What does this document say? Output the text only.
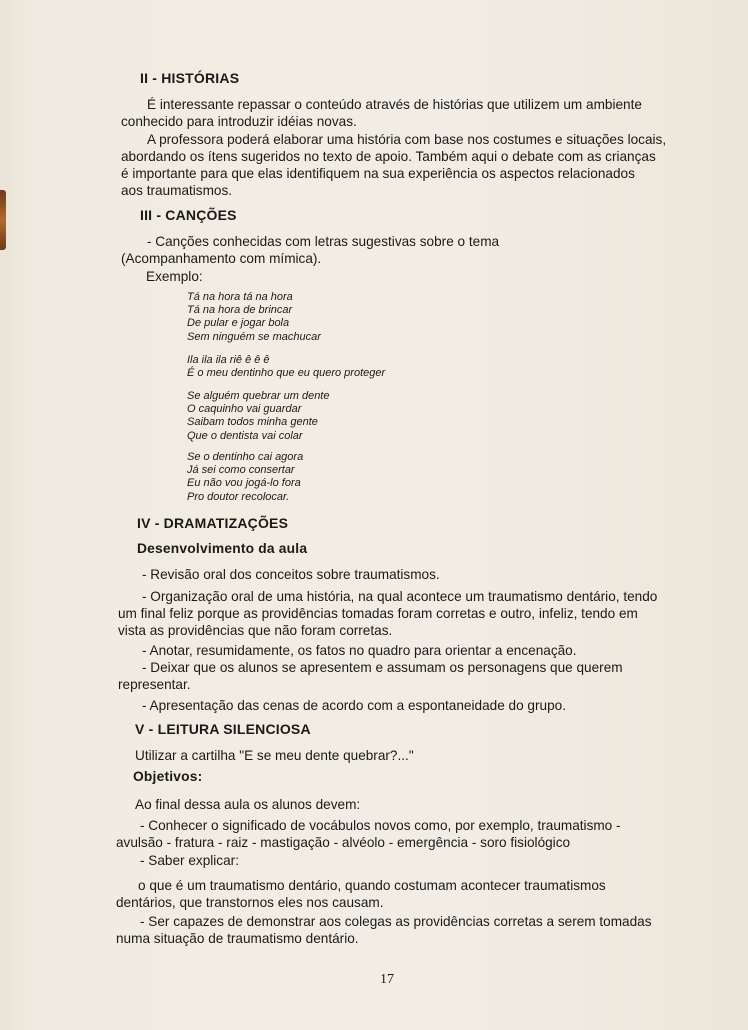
II - HISTÓRIAS
É interessante repassar o conteúdo através de histórias que utilizem um ambiente
conhecido para introduzir idéias novas.
A professora poderá elaborar uma história com base nos costumes e situações locais,
abordando os ítens sugeridos no texto de apoio. Também aqui o debate com as crianças
é importante para que elas identifiquem na sua experiência os aspectos relacionados
aos traumatismos.
III - CANÇÕES
- Canções conhecidas com letras sugestivas sobre o tema
(Acompanhamento com mímica).
Exemplo:
Tá na hora tá na hora
Tá na hora de brincar
De pular e jogar bola
Sem ninguém se machucar
Ila ila ila riê ê ê ê
É o meu dentinho que eu quero proteger
Se alguém quebrar um dente
O caquinho vai guardar
Saibam todos minha gente
Que o dentista vai colar
Se o dentinho cai agora
Já sei como consertar
Eu não vou jogá-lo fora
Pro doutor recolocar.
IV - DRAMATIZAÇÕES
Desenvolvimento da aula
- Revisão oral dos conceitos sobre traumatismos.
- Organização oral de uma história, na qual acontece um traumatismo dentário, tendo
um final feliz porque as providências tomadas foram corretas e outro, infeliz, tendo em
vista as providências que não foram corretas.
- Anotar, resumidamente, os fatos no quadro para orientar a encenação.
- Deixar que os alunos se apresentem e assumam os personagens que querem
representar.
- Apresentação das cenas de acordo com a espontaneidade do grupo.
V - LEITURA SILENCIOSA
Utilizar a cartilha "E se meu dente quebrar?..."
Objetivos:
Ao final dessa aula os alunos devem:
- Conhecer o significado de vocábulos novos como, por exemplo, traumatismo -
avulsão - fratura - raiz - mastigação - alvéolo - emergência - soro fisiológico
- Saber explicar:
o que é um traumatismo dentário, quando costumam acontecer traumatismos
dentários, que transtornos eles nos causam.
- Ser capazes de demonstrar aos colegas as providências corretas a serem tomadas
numa situação de traumatismo dentário.
17
